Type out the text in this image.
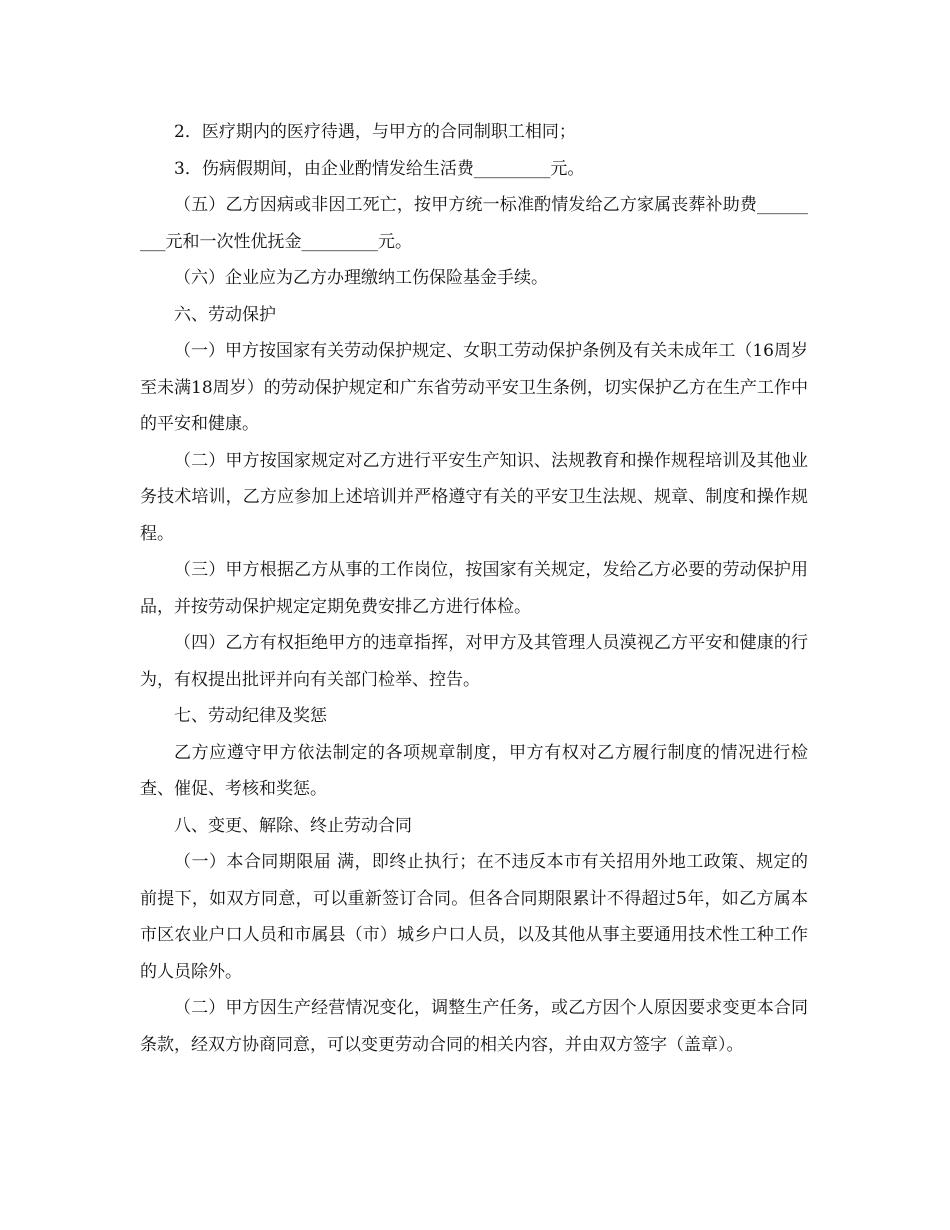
2．医疗期内的医疗待遇，与甲方的合同制职工相同；

3．伤病假期间，由企业酌情发给生活费_________元。

（五）乙方因病或非因工死亡，按甲方统一标准酌情发给乙方家属丧葬补助费_________元和一次性优抚金_________元。

（六）企业应为乙方办理缴纳工伤保险基金手续。

六、劳动保护

（一）甲方按国家有关劳动保护规定、女职工劳动保护条例及有关未成年工（16周岁至未满18周岁）的劳动保护规定和广东省劳动平安卫生条例，切实保护乙方在生产工作中的平安和健康。

（二）甲方按国家规定对乙方进行平安生产知识、法规教育和操作规程培训及其他业务技术培训，乙方应参加上述培训并严格遵守有关的平安卫生法规、规章、制度和操作规程。

（三）甲方根据乙方从事的工作岗位，按国家有关规定，发给乙方必要的劳动保护用品，并按劳动保护规定定期免费安排乙方进行体检。

（四）乙方有权拒绝甲方的违章指挥，对甲方及其管理人员漠视乙方平安和健康的行为，有权提出批评并向有关部门检举、控告。

七、劳动纪律及奖惩

乙方应遵守甲方依法制定的各项规章制度，甲方有权对乙方履行制度的情况进行检查、催促、考核和奖惩。

八、变更、解除、终止劳动合同

（一）本合同期限届 满，即终止执行；在不违反本市有关招用外地工政策、规定的前提下，如双方同意，可以重新签订合同。但各合同期限累计不得超过5年，如乙方属本市区农业户口人员和市属县（市）城乡户口人员，以及其他从事主要通用技术性工种工作的人员除外。

（二）甲方因生产经营情况变化，调整生产任务，或乙方因个人原因要求变更本合同条款，经双方协商同意，可以变更劳动合同的相关内容，并由双方签字（盖章）。
